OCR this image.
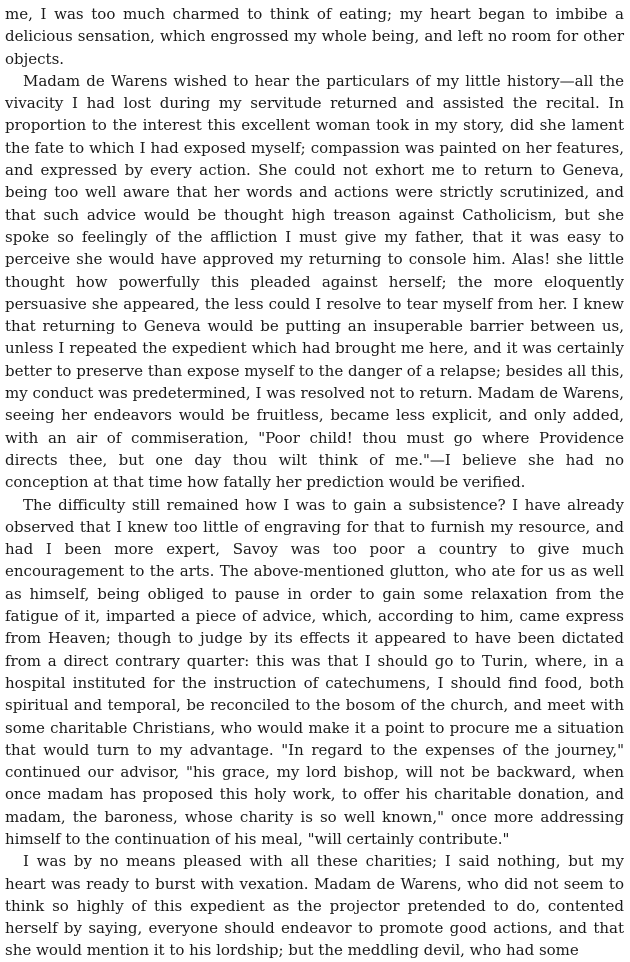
me, I was too much charmed to think of eating; my heart began to imbibe a delicious sensation, which engrossed my whole being, and left no room for other objects.

Madam de Warens wished to hear the particulars of my little history—all the vivacity I had lost during my servitude returned and assisted the recital. In proportion to the interest this excellent woman took in my story, did she lament the fate to which I had exposed myself; compassion was painted on her features, and expressed by every action. She could not exhort me to return to Geneva, being too well aware that her words and actions were strictly scrutinized, and that such advice would be thought high treason against Catholicism, but she spoke so feelingly of the affliction I must give my father, that it was easy to perceive she would have approved my returning to console him. Alas! she little thought how powerfully this pleaded against herself; the more eloquently persuasive she appeared, the less could I resolve to tear myself from her. I knew that returning to Geneva would be putting an insuperable barrier between us, unless I repeated the expedient which had brought me here, and it was certainly better to preserve than expose myself to the danger of a relapse; besides all this, my conduct was predetermined, I was resolved not to return. Madam de Warens, seeing her endeavors would be fruitless, became less explicit, and only added, with an air of commiseration, "Poor child! thou must go where Providence directs thee, but one day thou wilt think of me."—I believe she had no conception at that time how fatally her prediction would be verified.

The difficulty still remained how I was to gain a subsistence? I have already observed that I knew too little of engraving for that to furnish my resource, and had I been more expert, Savoy was too poor a country to give much encouragement to the arts. The above-mentioned glutton, who ate for us as well as himself, being obliged to pause in order to gain some relaxation from the fatigue of it, imparted a piece of advice, which, according to him, came express from Heaven; though to judge by its effects it appeared to have been dictated from a direct contrary quarter: this was that I should go to Turin, where, in a hospital instituted for the instruction of catechumens, I should find food, both spiritual and temporal, be reconciled to the bosom of the church, and meet with some charitable Christians, who would make it a point to procure me a situation that would turn to my advantage. "In regard to the expenses of the journey," continued our advisor, "his grace, my lord bishop, will not be backward, when once madam has proposed this holy work, to offer his charitable donation, and madam, the baroness, whose charity is so well known," once more addressing himself to the continuation of his meal, "will certainly contribute."

I was by no means pleased with all these charities; I said nothing, but my heart was ready to burst with vexation. Madam de Warens, who did not seem to think so highly of this expedient as the projector pretended to do, contented herself by saying, everyone should endeavor to promote good actions, and that she would mention it to his lordship; but the meddling devil, who had some
